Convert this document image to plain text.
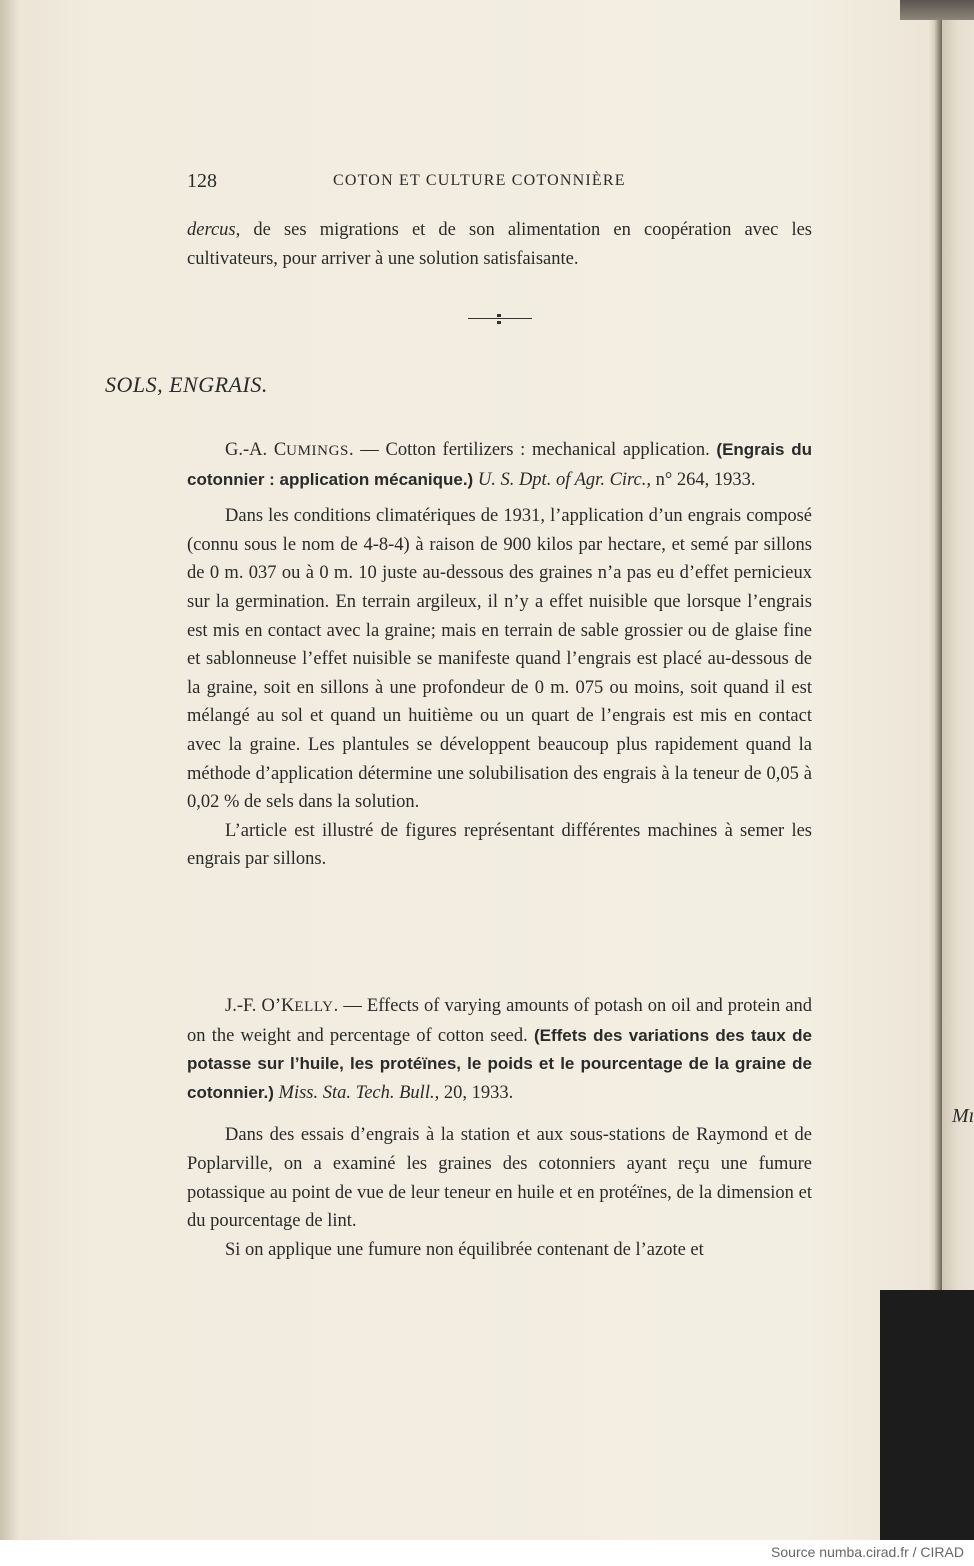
Mı
128	COTON ET CULTURE COTONNIÈRE

dercus, de ses migrations et de son alimentation en coopération avec les cultivateurs, pour arriver à une solution satisfaisante.

SOLS, ENGRAIS.

G.-A. CUMINGS. — Cotton fertilizers : mechanical application. (Engrais du cotonnier : application mécanique.) U. S. Dpt. of Agr. Circ., n° 264, 1933.

Dans les conditions climatériques de 1931, l’application d’un engrais composé (connu sous le nom de 4-8-4) à raison de 900 kilos par hectare, et semé par sillons de 0 m. 037 ou à 0 m. 10 juste au-dessous des graines n’a pas eu d’effet pernicieux sur la germination. En terrain argileux, il n’y a effet nuisible que lorsque l’engrais est mis en contact avec la graine; mais en terrain de sable grossier ou de glaise fine et sablonneuse l’effet nuisible se manifeste quand l’engrais est placé au-dessous de la graine, soit en sillons à une profondeur de 0 m. 075 ou moins, soit quand il est mélangé au sol et quand un huitième ou un quart de l’engrais est mis en contact avec la graine. Les plantules se développent beaucoup plus rapidement quand la méthode d’application détermine une solubilisation des engrais à la teneur de 0,05 à 0,02 % de sels dans la solution.

L’article est illustré de figures représentant différentes machines à semer les engrais par sillons.

J.-F. O’KELLY. — Effects of varying amounts of potash on oil and protein and on the weight and percentage of cotton seed. (Effets des variations des taux de potasse sur l’huile, les protéïnes, le poids et le pourcentage de la graine de cotonnier.) Miss. Sta. Tech. Bull., 20, 1933.

Dans des essais d’engrais à la station et aux sous-stations de Raymond et de Poplarville, on a examiné les graines des cotonniers ayant reçu une fumure potassique au point de vue de leur teneur en huile et en protéïnes, de la dimension et du pourcentage de lint.

Si on applique une fumure non équilibrée contenant de l’azote et

Source numba.cirad.fr / CIRAD
